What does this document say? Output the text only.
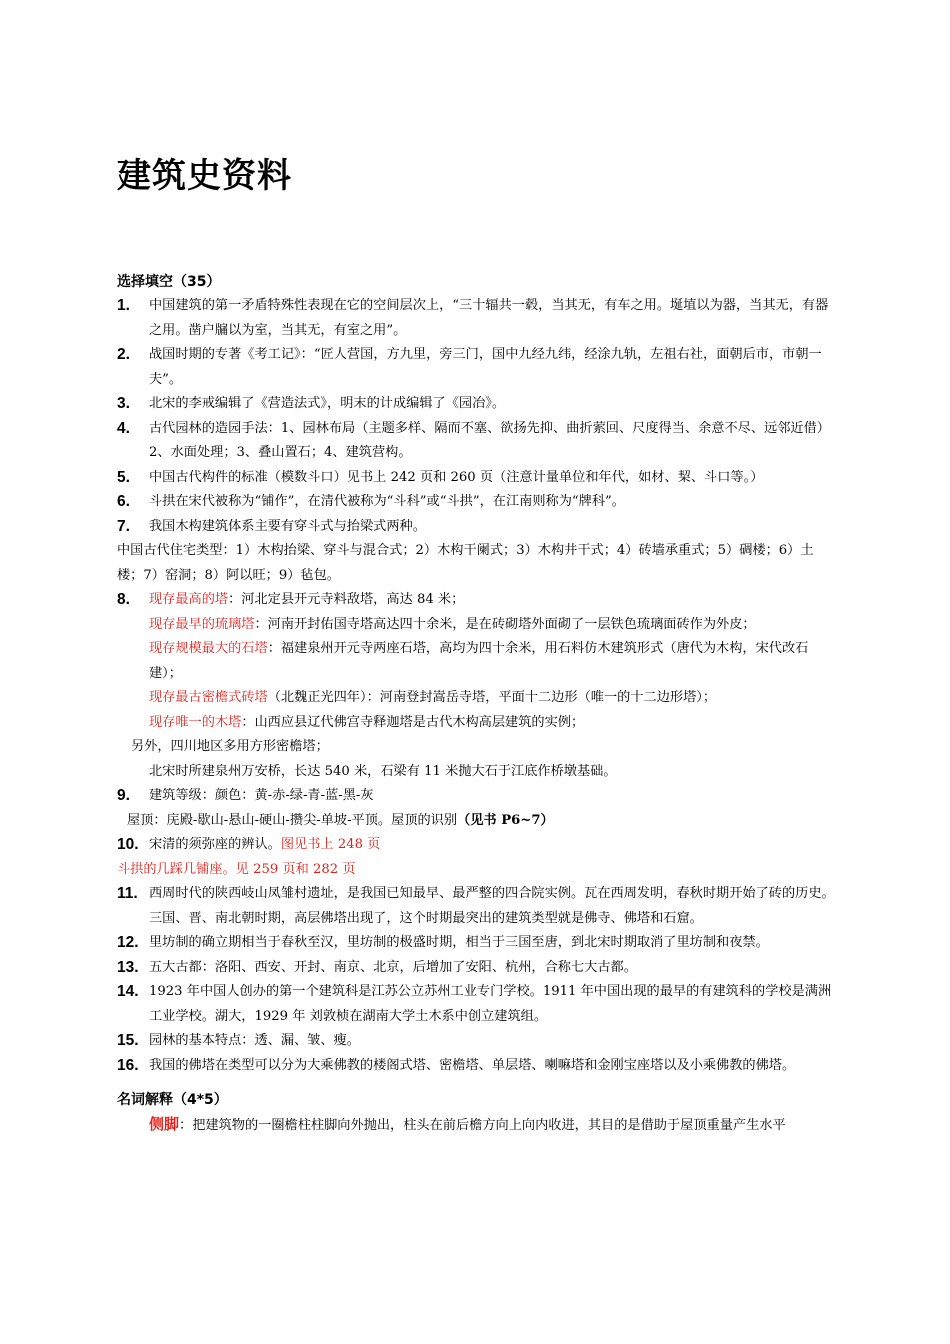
建筑史资料

选择填空（35）

1. 中国建筑的第一矛盾特殊性表现在它的空间层次上，“三十辐共一毂，当其无，有车之用。埏埴以为器，当其无，有器之用。凿户牖以为室，当其无，有室之用”。
2. 战国时期的专著《考工记》：“匠人营国，方九里，旁三门，国中九经九纬，经涂九轨，左祖右社，面朝后市，市朝一夫”。
3. 北宋的李戒编辑了《营造法式》，明末的计成编辑了《园冶》。
4. 古代园林的造园手法：1、园林布局（主题多样、隔而不塞、欲扬先抑、曲折萦回、尺度得当、余意不尽、远邻近借）2、水面处理；3、叠山置石；4、建筑营构。
5. 中国古代构件的标准（模数斗口）见书上 242 页和 260 页（注意计量单位和年代，如材、栔、斗口等。）
6. 斗拱在宋代被称为“铺作”，在清代被称为“斗科”或“斗拱”，在江南则称为“牌科”。
7. 我国木构建筑体系主要有穿斗式与抬梁式两种。

中国古代住宅类型：1）木构抬梁、穿斗与混合式；2）木构干阑式；3）木构井干式；4）砖墙承重式；5）碉楼；6）土楼；7）窑洞；8）阿以旺；9）毡包。

8. 现存最高的塔：河北定县开元寺料敌塔，高达 84 米；

现存最早的琉璃塔：河南开封佑国寺塔高达四十余米，是在砖砌塔外面砌了一层铁色琉璃面砖作为外皮；

现存规模最大的石塔：福建泉州开元寺两座石塔，高均为四十余米，用石料仿木建筑形式（唐代为木构，宋代改石建）；

现存最古密檐式砖塔（北魏正光四年）：河南登封嵩岳寺塔，平面十二边形（唯一的十二边形塔）；

现存唯一的木塔：山西应县辽代佛宫寺释迦塔是古代木构高层建筑的实例；

另外，四川地区多用方形密檐塔；

北宋时所建泉州万安桥，长达 540 米，石梁有 11 米抛大石于江底作桥墩基础。

9. 建筑等级：颜色：黄-赤-绿-青-蓝-黑-灰

屋顶：庑殿-歇山-悬山-硬山-攒尖-单坡-平顶。屋顶的识别（见书 P6~7）

10. 宋清的须弥座的辨认。图见书上 248 页

斗拱的几踩几铺座。见 259 页和 282 页

11. 西周时代的陕西岐山凤雏村遗址，是我国已知最早、最严整的四合院实例。瓦在西周发明，春秋时期开始了砖的历史。三国、晋、南北朝时期，高层佛塔出现了，这个时期最突出的建筑类型就是佛寺、佛塔和石窟。
12. 里坊制的确立期相当于春秋至汉，里坊制的极盛时期，相当于三国至唐，到北宋时期取消了里坊制和夜禁。
13. 五大古都：洛阳、西安、开封、南京、北京，后增加了安阳、杭州，合称七大古都。
14. 1923 年中国人创办的第一个建筑科是江苏公立苏州工业专门学校。1911 年中国出现的最早的有建筑科的学校是满洲工业学校。湖大，1929 年 刘敦桢在湖南大学土木系中创立建筑组。
15. 园林的基本特点：透、漏、皱、瘦。
16. 我国的佛塔在类型可以分为大乘佛教的楼阁式塔、密檐塔、单层塔、喇嘛塔和金刚宝座塔以及小乘佛教的佛塔。

名词解释（4*5）

侧脚：把建筑物的一圈檐柱柱脚向外抛出，柱头在前后檐方向上向内收进，其目的是借助于屋顶重量产生水平
